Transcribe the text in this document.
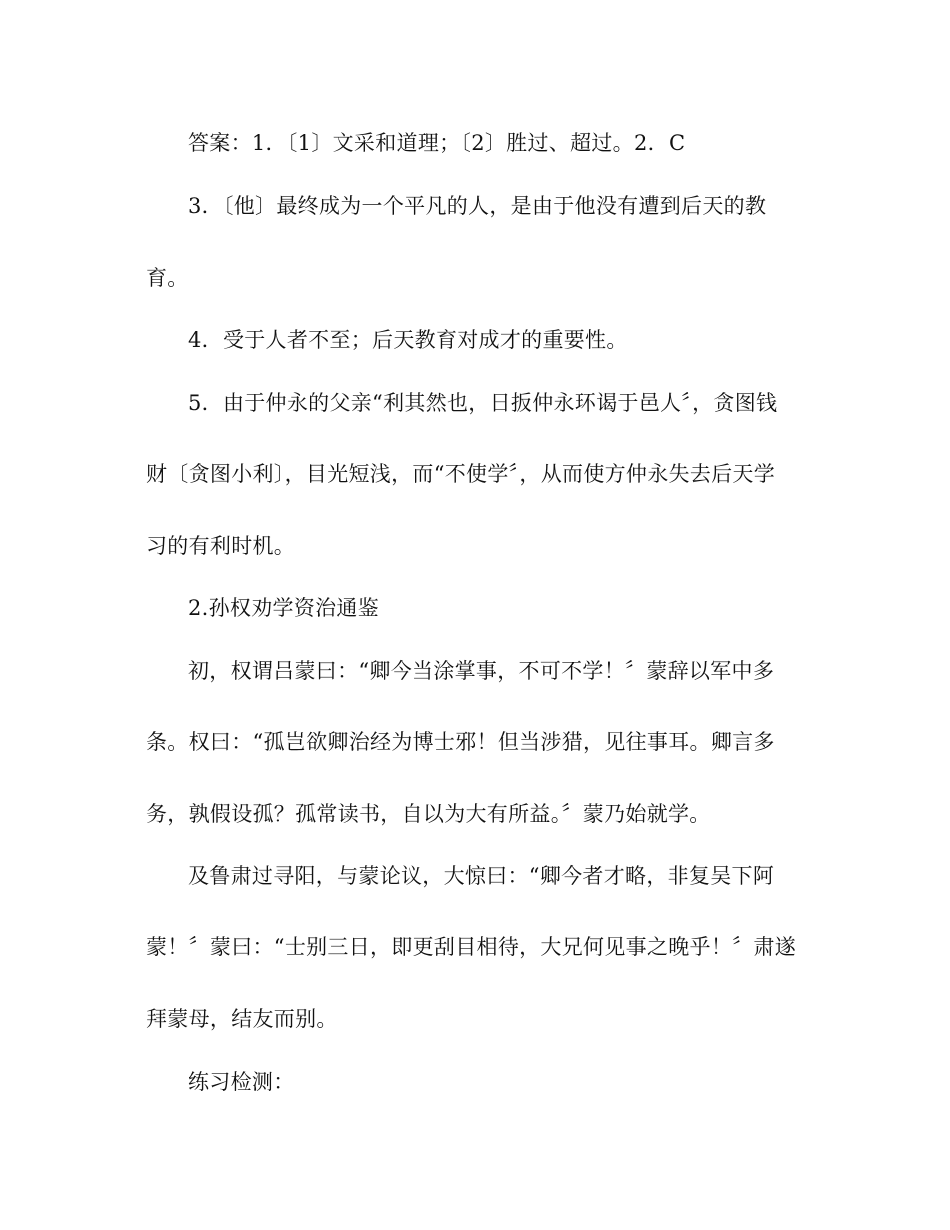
答案：1．〔1〕文采和道理；〔2〕胜过、超过。2．C
3．〔他〕最终成为一个平凡的人，是由于他没有遭到后天的教
育。
4．受于人者不至；后天教育对成才的重要性。
5．由于仲永的父亲“利其然也，日扳仲永环谒于邑人〞，贪图钱
财〔贪图小利〕，目光短浅，而“不使学〞，从而使方仲永失去后天学
习的有利时机。
2.孙权劝学资治通鉴
初，权谓吕蒙曰：“卿今当涂掌事，不可不学！〞蒙辞以军中多
条。权曰：“孤岂欲卿治经为博士邪！但当涉猎，见往事耳。卿言多
务，孰假设孤？孤常读书，自以为大有所益。〞蒙乃始就学。
及鲁肃过寻阳，与蒙论议，大惊曰：“卿今者才略，非复吴下阿
蒙！〞蒙曰：“士别三日，即更刮目相待，大兄何见事之晚乎！〞肃遂
拜蒙母，结友而别。
练习检测：
